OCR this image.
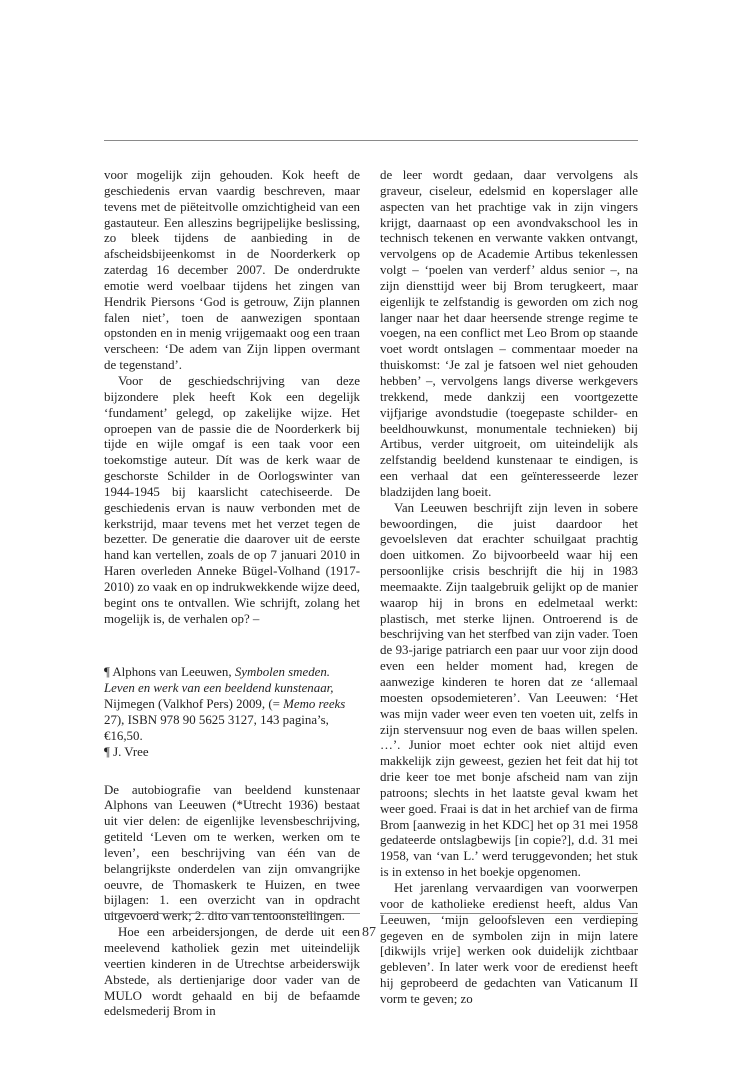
voor mogelijk zijn gehouden. Kok heeft de geschiedenis ervan vaardig beschreven, maar tevens met de piëteitvolle omzichtigheid van een gastauteur. Een alleszins begrijpelijke beslissing, zo bleek tijdens de aanbieding in de afscheidsbijeenkomst in de Noorderkerk op zaterdag 16 december 2007. De onderdrukte emotie werd voelbaar tijdens het zingen van Hendrik Piersons ‘God is getrouw, Zijn plannen falen niet’, toen de aanwezigen spontaan opstonden en in menig vrijgemaakt oog een traan verscheen: ‘De adem van Zijn lippen overmant de tegenstand’.

Voor de geschiedschrijving van deze bijzondere plek heeft Kok een degelijk ‘fundament’ gelegd, op zakelijke wijze. Het oproepen van de passie die de Noorderkerk bij tijde en wijle omgaf is een taak voor een toekomstige auteur. Dít was de kerk waar de geschorste Schilder in de Oorlogswinter van 1944-1945 bij kaarslicht catechiseerde. De geschiedenis ervan is nauw verbonden met de kerkstrijd, maar tevens met het verzet tegen de bezetter. De generatie die daarover uit de eerste hand kan vertellen, zoals de op 7 januari 2010 in Haren overleden Anneke Bügel-Volhand (1917-2010) zo vaak en op indrukwekkende wijze deed, begint ons te ontvallen. Wie schrijft, zolang het mogelijk is, de verhalen op? –

¶ Alphons van Leeuwen, Symbolen smeden. Leven en werk van een beeldend kunstenaar, Nijmegen (Valkhof Pers) 2009, (= Memo reeks 27), ISBN 978 90 5625 3127, 143 pagina’s, €16,50.
¶ J. Vree

De autobiografie van beeldend kunstenaar Alphons van Leeuwen (*Utrecht 1936) bestaat uit vier delen: de eigenlijke levensbeschrijving, getiteld ‘Leven om te werken, werken om te leven’, een beschrijving van één van de belangrijkste onderdelen van zijn omvangrijke oeuvre, de Thomaskerk te Huizen, en twee bijlagen: 1. een overzicht van in opdracht uitgevoerd werk; 2. dito van tentoonstellingen.

Hoe een arbeidersjongen, de derde uit een meelevend katholiek gezin met uiteindelijk veertien kinderen in de Utrechtse arbeiderswijk Abstede, als dertienjarige door vader van de MULO wordt gehaald en bij de befaamde edelsmederij Brom in

de leer wordt gedaan, daar vervolgens als graveur, ciseleur, edelsmid en koperslager alle aspecten van het prachtige vak in zijn vingers krijgt, daarnaast op een avondvakschool les in technisch tekenen en verwante vakken ontvangt, vervolgens op de Academie Artibus tekenlessen volgt – ‘poelen van verderf’ aldus senior –, na zijn diensttijd weer bij Brom terugkeert, maar eigenlijk te zelfstandig is geworden om zich nog langer naar het daar heersende strenge regime te voegen, na een conflict met Leo Brom op staande voet wordt ontslagen – commentaar moeder na thuiskomst: ‘Je zal je fatsoen wel niet gehouden hebben’ –, vervolgens langs diverse werkgevers trekkend, mede dankzij een voortgezette vijfjarige avondstudie (toegepaste schilder- en beeldhouwkunst, monumentale technieken) bij Artibus, verder uitgroeit, om uiteindelijk als zelfstandig beeldend kunstenaar te eindigen, is een verhaal dat een geïnteresseerde lezer bladzijden lang boeit.

Van Leeuwen beschrijft zijn leven in sobere bewoordingen, die juist daardoor het gevoelsleven dat erachter schuilgaat prachtig doen uitkomen. Zo bijvoorbeeld waar hij een persoonlijke crisis beschrijft die hij in 1983 meemaakte. Zijn taalgebruik gelijkt op de manier waarop hij in brons en edelmetaal werkt: plastisch, met sterke lijnen. Ontroerend is de beschrijving van het sterfbed van zijn vader. Toen de 93-jarige patriarch een paar uur voor zijn dood even een helder moment had, kregen de aanwezige kinderen te horen dat ze ‘allemaal moesten opsodemieteren’. Van Leeuwen: ‘Het was mijn vader weer even ten voeten uit, zelfs in zijn stervensuur nog even de baas willen spelen. …’. Junior moet echter ook niet altijd even makkelijk zijn geweest, gezien het feit dat hij tot drie keer toe met bonje afscheid nam van zijn patroons; slechts in het laatste geval kwam het weer goed. Fraai is dat in het archief van de firma Brom [aanwezig in het KDC] het op 31 mei 1958 gedateerde ontslagbewijs [in copie?], d.d. 31 mei 1958, van ‘van L.’ werd teruggevonden; het stuk is in extenso in het boekje opgenomen.

Het jarenlang vervaardigen van voorwerpen voor de katholieke eredienst heeft, aldus Van Leeuwen, ‘mijn geloofsleven een verdieping gegeven en de symbolen zijn in mijn latere [dikwijls vrije] werken ook duidelijk zichtbaar gebleven’. In later werk voor de eredienst heeft hij geprobeerd de gedachten van Vaticanum II vorm te geven; zo

87
